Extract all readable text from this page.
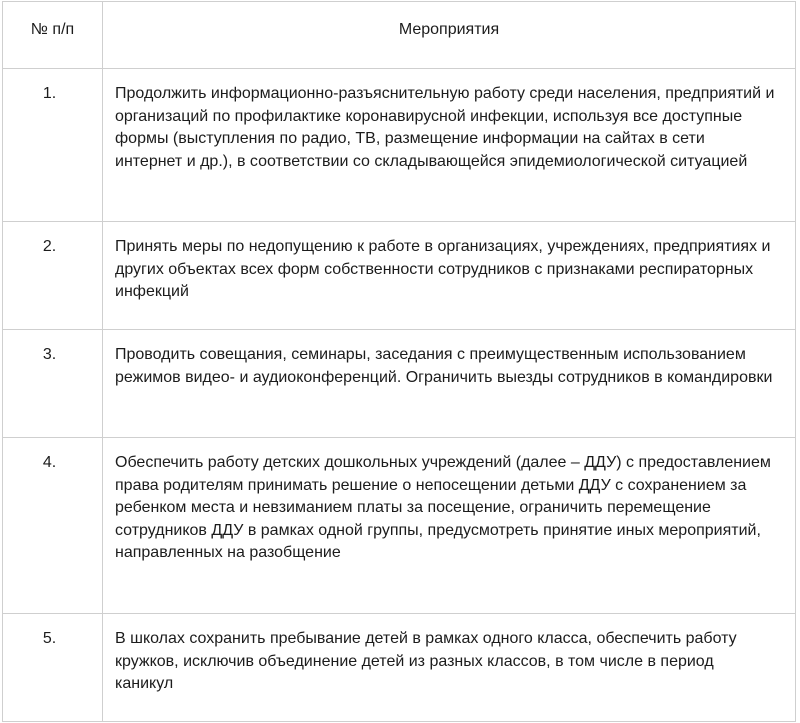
№ п/п	Мероприятия

1.	Продолжить информационно-разъяснительную работу среди населения, предприятий и организаций по профилактике коронавирусной инфекции, используя все доступные формы (выступления по радио, ТВ, размещение информации на сайтах в сети интернет и др.), в соответствии со складывающейся эпидемиологической ситуацией

2.	Принять меры по недопущению к работе в организациях, учреждениях, предприятиях и других объектах всех форм собственности сотрудников с признаками респираторных инфекций

3.	Проводить совещания, семинары, заседания с преимущественным использованием режимов видео- и аудиоконференций. Ограничить выезды сотрудников в командировки

4.	Обеспечить работу детских дошкольных учреждений (далее – ДДУ) с предоставлением права родителям принимать решение о непосещении детьми ДДУ с сохранением за ребенком места и невзиманием платы за посещение, ограничить перемещение сотрудников ДДУ в рамках одной группы, предусмотреть принятие иных мероприятий, направленных на разобщение

5.	В школах сохранить пребывание детей в рамках одного класса, обеспечить работу кружков, исключив объединение детей из разных классов, в том числе в период каникул
